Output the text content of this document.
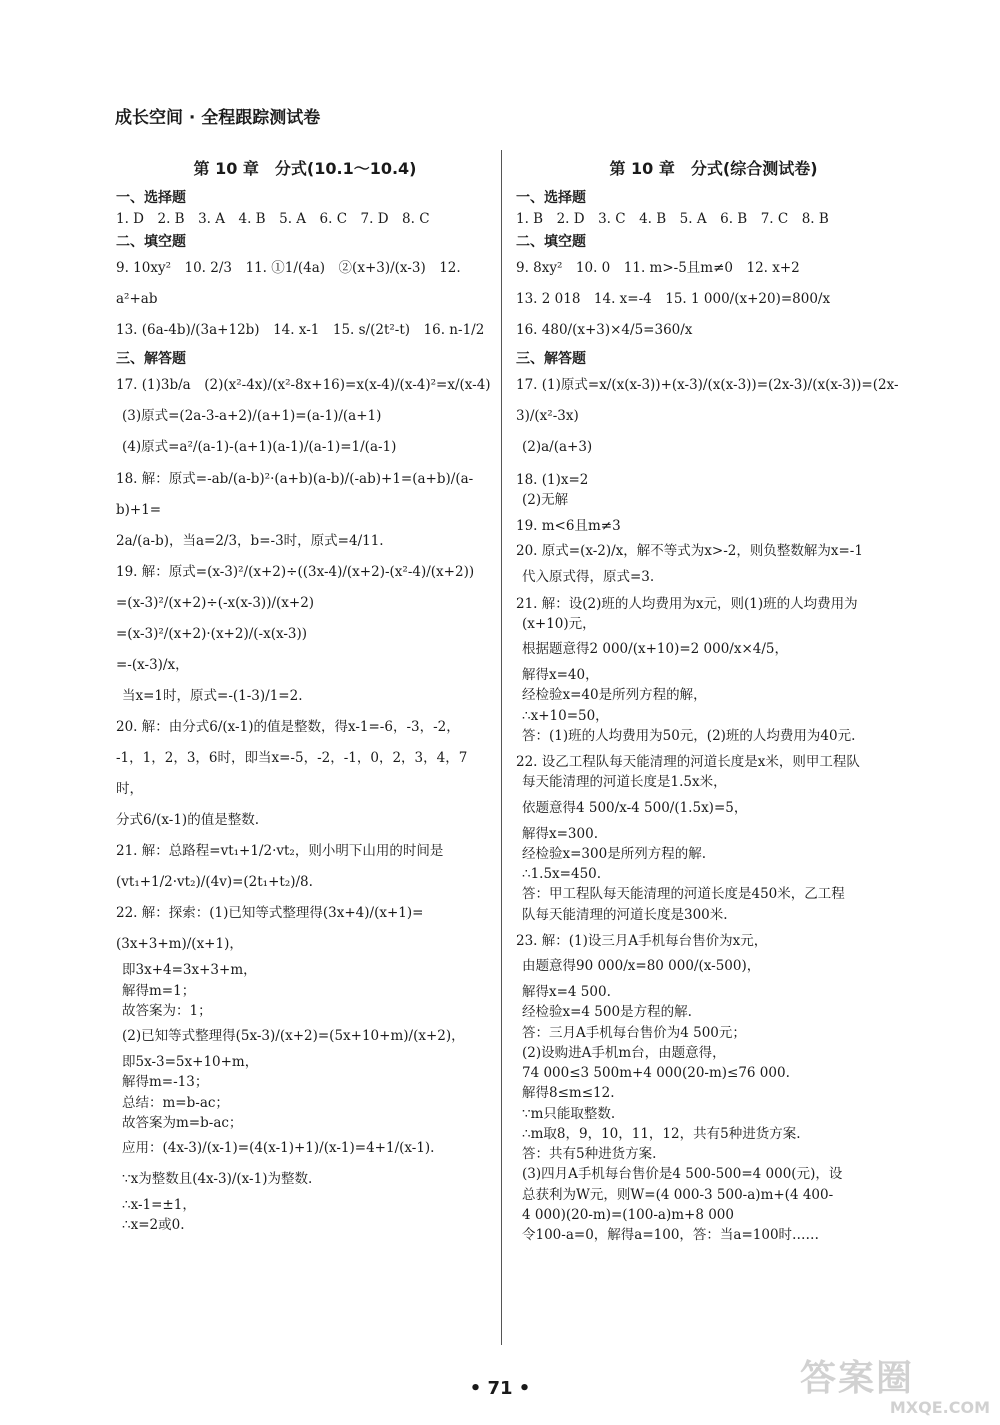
成长空间 · 全程跟踪测试卷
第 10 章　分式(10.1～10.4)
一、选择题
1. D　2. B　3. A　4. B　5. A　6. C　7. D　8. C
二、填空题
9. 10xy²　10. 2/3　11. ①1/(4a)　②(x+3)/(x-3)　12. a²+ab
13. (6a-4b)/(3a+12b)　14. x-1　15. s/(2t²-t)　16. n-1/2
三、解答题
17. (1)3b/a　(2)(x²-4x)/(x²-8x+16)=x(x-4)/(x-4)²=x/(x-4)
(3)原式=(2a-3-a+2)/(a+1)=(a-1)/(a+1)
(4)原式=a²/(a-1)-(a+1)(a-1)/(a-1)=1/(a-1)
18. 解：原式=-ab/(a-b)²·(a+b)(a-b)/(-ab)+1=(a+b)/(a-b)+1=
2a/(a-b)，当a=2/3，b=-3时，原式=4/11.
19. 解：原式=(x-3)²/(x+2)÷((3x-4)/(x+2)-(x²-4)/(x+2))
=(x-3)²/(x+2)÷(-x(x-3))/(x+2)
=(x-3)²/(x+2)·(x+2)/(-x(x-3))
=-(x-3)/x，
当x=1时，原式=-(1-3)/1=2.
20. 解：由分式6/(x-1)的值是整数，得x-1=-6，-3，-2，
-1，1，2，3，6时，即当x=-5，-2，-1，0，2，3，4，7时，
分式6/(x-1)的值是整数.
21. 解：总路程=vt₁+1/2·vt₂，则小明下山用的时间是
(vt₁+1/2·vt₂)/(4v)=(2t₁+t₂)/8.
22. 解：探索：(1)已知等式整理得(3x+4)/(x+1)=(3x+3+m)/(x+1)，
即3x+4=3x+3+m，
解得m=1；
故答案为：1；
(2)已知等式整理得(5x-3)/(x+2)=(5x+10+m)/(x+2)，
即5x-3=5x+10+m，
解得m=-13；
总结：m=b-ac；
故答案为m=b-ac；
应用：(4x-3)/(x-1)=(4(x-1)+1)/(x-1)=4+1/(x-1).
∵x为整数且(4x-3)/(x-1)为整数.
∴x-1=±1，
∴x=2或0.
第 10 章　分式(综合测试卷)
一、选择题
1. B　2. D　3. C　4. B　5. A　6. B　7. C　8. B
二、填空题
9. 8xy²　10. 0　11. m>-5且m≠0　12. x+2
13. 2 018　14. x=-4　15. 1 000/(x+20)=800/x
16. 480/(x+3)×4/5=360/x
三、解答题
17. (1)原式=x/(x(x-3))+(x-3)/(x(x-3))=(2x-3)/(x(x-3))=(2x-3)/(x²-3x)
(2)a/(a+3)
18. (1)x=2
(2)无解
19. m<6且m≠3
20. 原式=(x-2)/x，解不等式为x>-2，则负整数解为x=-1
代入原式得，原式=3.
21. 解：设(2)班的人均费用为x元，则(1)班的人均费用为
(x+10)元，
根据题意得2 000/(x+10)=2 000/x×4/5，
解得x=40，
经检验x=40是所列方程的解，
∴x+10=50，
答：(1)班的人均费用为50元，(2)班的人均费用为40元.
22. 设乙工程队每天能清理的河道长度是x米，则甲工程队
每天能清理的河道长度是1.5x米，
依题意得4 500/x-4 500/(1.5x)=5，
解得x=300.
经检验x=300是所列方程的解.
∴1.5x=450.
答：甲工程队每天能清理的河道长度是450米，乙工程
队每天能清理的河道长度是300米.
23. 解：(1)设三月A手机每台售价为x元，
由题意得90 000/x=80 000/(x-500)，
解得x=4 500.
经检验x=4 500是方程的解.
答：三月A手机每台售价为4 500元；
(2)设购进A手机m台，由题意得，
74 000≤3 500m+4 000(20-m)≤76 000.
解得8≤m≤12.
∵m只能取整数.
∴m取8，9，10，11，12，共有5种进货方案.
答：共有5种进货方案.
(3)四月A手机每台售价是4 500-500=4 000(元)，设
总获利为W元，则W=(4 000-3 500-a)m+(4 400-
4 000)(20-m)=(100-a)m+8 000
令100-a=0，解得a=100，答：当a=100时……
• 71 •	答案圈
MXQE.COM
